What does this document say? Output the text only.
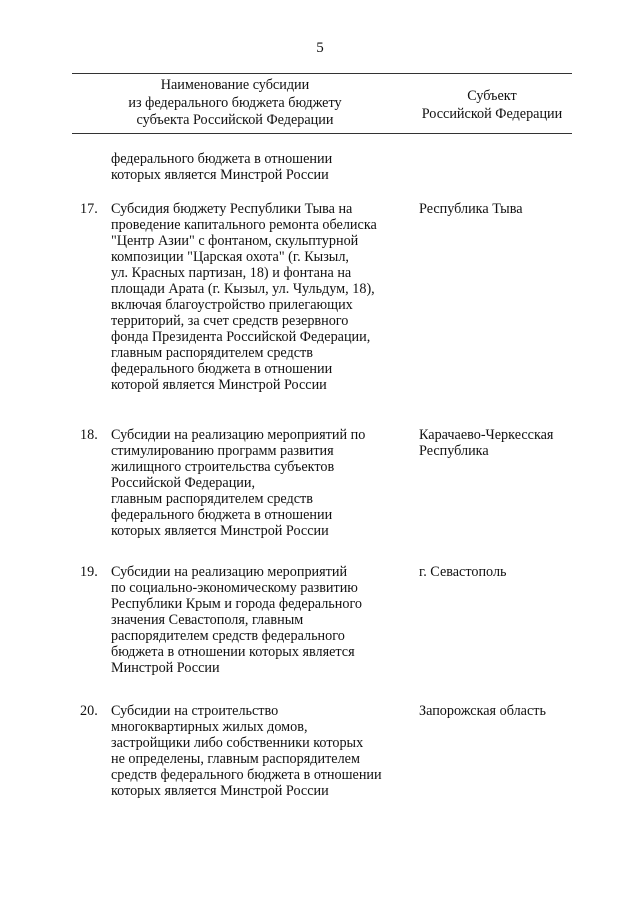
5
Наименование субсидии
из федерального бюджета бюджету
субъекта Российской Федерации
Субъект
Российской Федерации
федерального бюджета в отношении
которых является Минстрой России
17. Субсидия бюджету Республики Тыва на
проведение капитального ремонта обелиска
"Центр Азии" с фонтаном, скульптурной
композиции "Царская охота" (г. Кызыл,
ул. Красных партизан, 18) и фонтана на
площади Арата (г. Кызыл, ул. Чульдум, 18),
включая благоустройство прилегающих
территорий, за счет средств резервного
фонда Президента Российской Федерации,
главным распорядителем средств
федерального бюджета в отношении
которой является Минстрой России
Республика Тыва
18. Субсидии на реализацию мероприятий по
стимулированию программ развития
жилищного строительства субъектов
Российской Федерации,
главным распорядителем средств
федерального бюджета в отношении
которых является Минстрой России
Карачаево-Черкесская
Республика
19. Субсидии на реализацию мероприятий
по социально-экономическому развитию
Республики Крым и города федерального
значения Севастополя, главным
распорядителем средств федерального
бюджета в отношении которых является
Минстрой России
г. Севастополь
20. Субсидии на строительство
многоквартирных жилых домов,
застройщики либо собственники которых
не определены, главным распорядителем
средств федерального бюджета в отношении
которых является Минстрой России
Запорожская область
